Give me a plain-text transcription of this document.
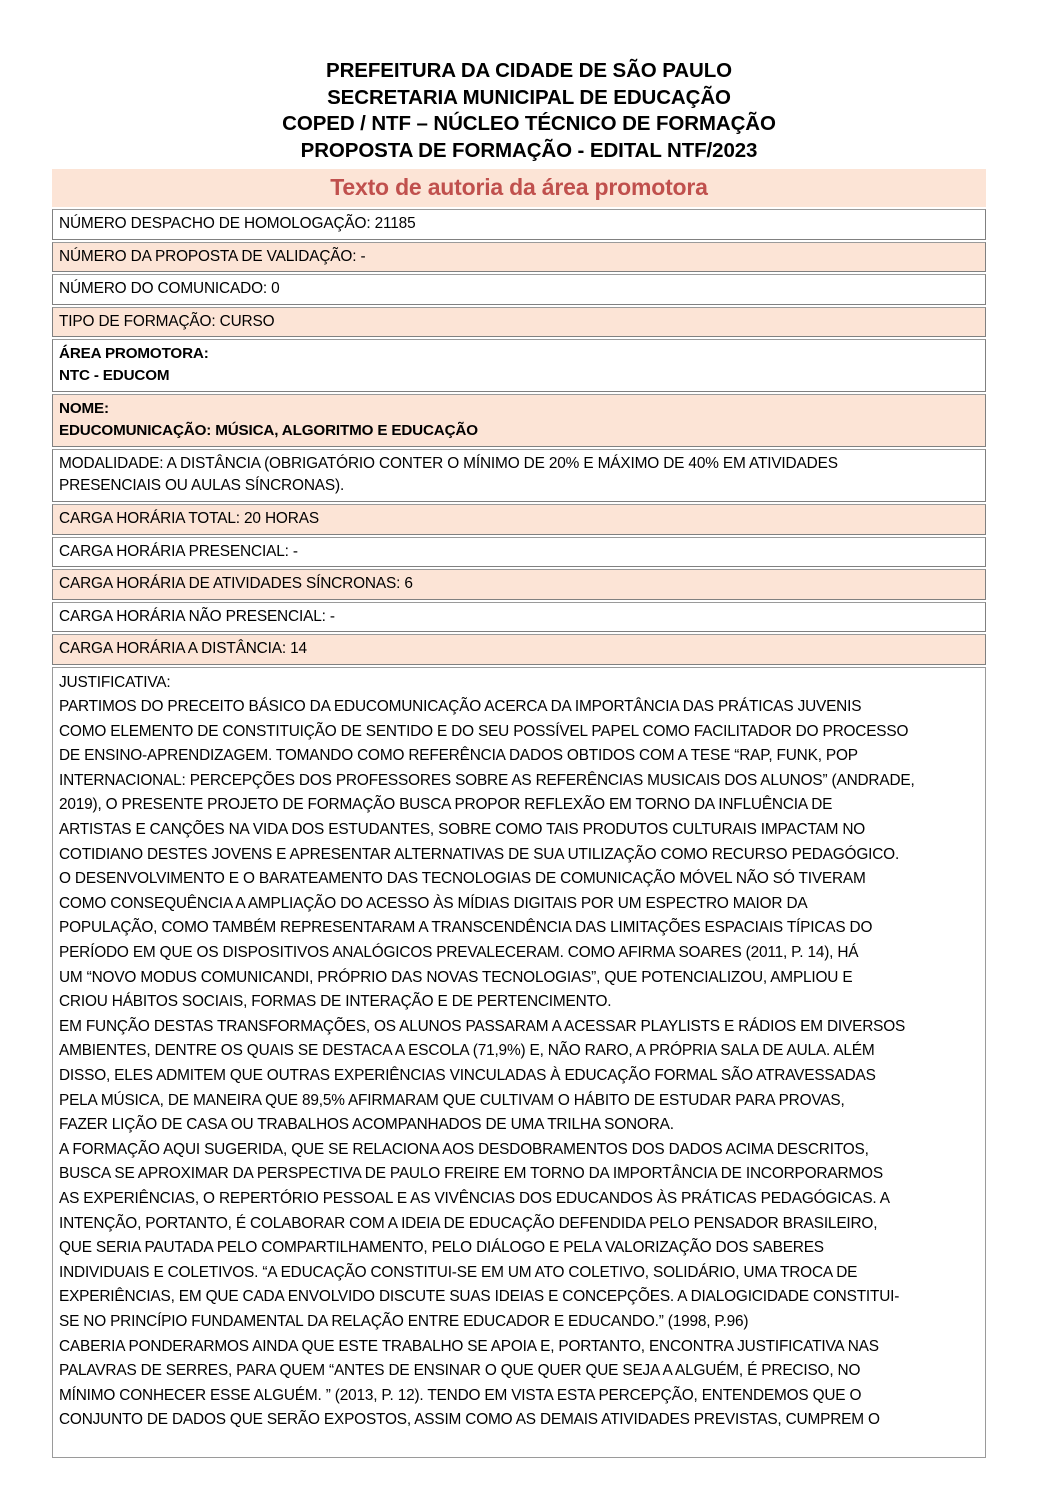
PREFEITURA DA CIDADE DE SÃO PAULO
SECRETARIA MUNICIPAL DE EDUCAÇÃO
COPED / NTF – NÚCLEO TÉCNICO DE FORMAÇÃO
PROPOSTA DE FORMAÇÃO - EDITAL NTF/2023
Texto de autoria da área promotora
NÚMERO DESPACHO DE HOMOLOGAÇÃO: 21185
NÚMERO DA PROPOSTA DE VALIDAÇÃO: -
NÚMERO DO COMUNICADO: 0
TIPO DE FORMAÇÃO: CURSO
ÁREA PROMOTORA:
NTC - EDUCOM
NOME:
EDUCOMUNICAÇÃO: MÚSICA, ALGORITMO E EDUCAÇÃO
MODALIDADE: A DISTÂNCIA (OBRIGATÓRIO CONTER O MÍNIMO DE 20% E MÁXIMO DE 40% EM ATIVIDADES
PRESENCIAIS OU AULAS SÍNCRONAS).
CARGA HORÁRIA TOTAL: 20 HORAS
CARGA HORÁRIA PRESENCIAL: -
CARGA HORÁRIA DE ATIVIDADES SÍNCRONAS: 6
CARGA HORÁRIA NÃO PRESENCIAL: -
CARGA HORÁRIA A DISTÂNCIA: 14
JUSTIFICATIVA:
PARTIMOS DO PRECEITO BÁSICO DA EDUCOMUNICAÇÃO ACERCA DA IMPORTÂNCIA DAS PRÁTICAS JUVENIS
COMO ELEMENTO DE CONSTITUIÇÃO DE SENTIDO E DO SEU POSSÍVEL PAPEL COMO FACILITADOR DO PROCESSO
DE ENSINO-APRENDIZAGEM. TOMANDO COMO REFERÊNCIA DADOS OBTIDOS COM A TESE “RAP, FUNK, POP
INTERNACIONAL: PERCEPÇÕES DOS PROFESSORES SOBRE AS REFERÊNCIAS MUSICAIS DOS ALUNOS” (ANDRADE,
2019), O PRESENTE PROJETO DE FORMAÇÃO BUSCA PROPOR REFLEXÃO EM TORNO DA INFLUÊNCIA DE
ARTISTAS E CANÇÕES NA VIDA DOS ESTUDANTES, SOBRE COMO TAIS PRODUTOS CULTURAIS IMPACTAM NO
COTIDIANO DESTES JOVENS E APRESENTAR ALTERNATIVAS DE SUA UTILIZAÇÃO COMO RECURSO PEDAGÓGICO.
O DESENVOLVIMENTO E O BARATEAMENTO DAS TECNOLOGIAS DE COMUNICAÇÃO MÓVEL NÃO SÓ TIVERAM
COMO CONSEQUÊNCIA A AMPLIAÇÃO DO ACESSO ÀS MÍDIAS DIGITAIS POR UM ESPECTRO MAIOR DA
POPULAÇÃO, COMO TAMBÉM REPRESENTARAM A TRANSCENDÊNCIA DAS LIMITAÇÕES ESPACIAIS TÍPICAS DO
PERÍODO EM QUE OS DISPOSITIVOS ANALÓGICOS PREVALECERAM. COMO AFIRMA SOARES (2011, P. 14), HÁ
UM “NOVO MODUS COMUNICANDI, PRÓPRIO DAS NOVAS TECNOLOGIAS”, QUE POTENCIALIZOU, AMPLIOU E
CRIOU HÁBITOS SOCIAIS, FORMAS DE INTERAÇÃO E DE PERTENCIMENTO.
EM FUNÇÃO DESTAS TRANSFORMAÇÕES, OS ALUNOS PASSARAM A ACESSAR PLAYLISTS E RÁDIOS EM DIVERSOS
AMBIENTES, DENTRE OS QUAIS SE DESTACA A ESCOLA (71,9%) E, NÃO RARO, A PRÓPRIA SALA DE AULA. ALÉM
DISSO, ELES ADMITEM QUE OUTRAS EXPERIÊNCIAS VINCULADAS À EDUCAÇÃO FORMAL SÃO ATRAVESSADAS
PELA MÚSICA, DE MANEIRA QUE 89,5% AFIRMARAM QUE CULTIVAM O HÁBITO DE ESTUDAR PARA PROVAS,
FAZER LIÇÃO DE CASA OU TRABALHOS ACOMPANHADOS DE UMA TRILHA SONORA.
A FORMAÇÃO AQUI SUGERIDA, QUE SE RELACIONA AOS DESDOBRAMENTOS DOS DADOS ACIMA DESCRITOS,
BUSCA SE APROXIMAR DA PERSPECTIVA DE PAULO FREIRE EM TORNO DA IMPORTÂNCIA DE INCORPORARMOS
AS EXPERIÊNCIAS, O REPERTÓRIO PESSOAL E AS VIVÊNCIAS DOS EDUCANDOS ÀS PRÁTICAS PEDAGÓGICAS. A
INTENÇÃO, PORTANTO, É COLABORAR COM A IDEIA DE EDUCAÇÃO DEFENDIDA PELO PENSADOR BRASILEIRO,
QUE SERIA PAUTADA PELO COMPARTILHAMENTO, PELO DIÁLOGO E PELA VALORIZAÇÃO DOS SABERES
INDIVIDUAIS E COLETIVOS. “A EDUCAÇÃO CONSTITUI-SE EM UM ATO COLETIVO, SOLIDÁRIO, UMA TROCA DE
EXPERIÊNCIAS, EM QUE CADA ENVOLVIDO DISCUTE SUAS IDEIAS E CONCEPÇÕES. A DIALOGICIDADE CONSTITUI-
SE NO PRINCÍPIO FUNDAMENTAL DA RELAÇÃO ENTRE EDUCADOR E EDUCANDO.” (1998, P.96)
CABERIA PONDERARMOS AINDA QUE ESTE TRABALHO SE APOIA E, PORTANTO, ENCONTRA JUSTIFICATIVA NAS
PALAVRAS DE SERRES, PARA QUEM “ANTES DE ENSINAR O QUE QUER QUE SEJA A ALGUÉM, É PRECISO, NO
MÍNIMO CONHECER ESSE ALGUÉM. ” (2013, P. 12). TENDO EM VISTA ESTA PERCEPÇÃO, ENTENDEMOS QUE O
CONJUNTO DE DADOS QUE SERÃO EXPOSTOS, ASSIM COMO AS DEMAIS ATIVIDADES PREVISTAS, CUMPREM O
